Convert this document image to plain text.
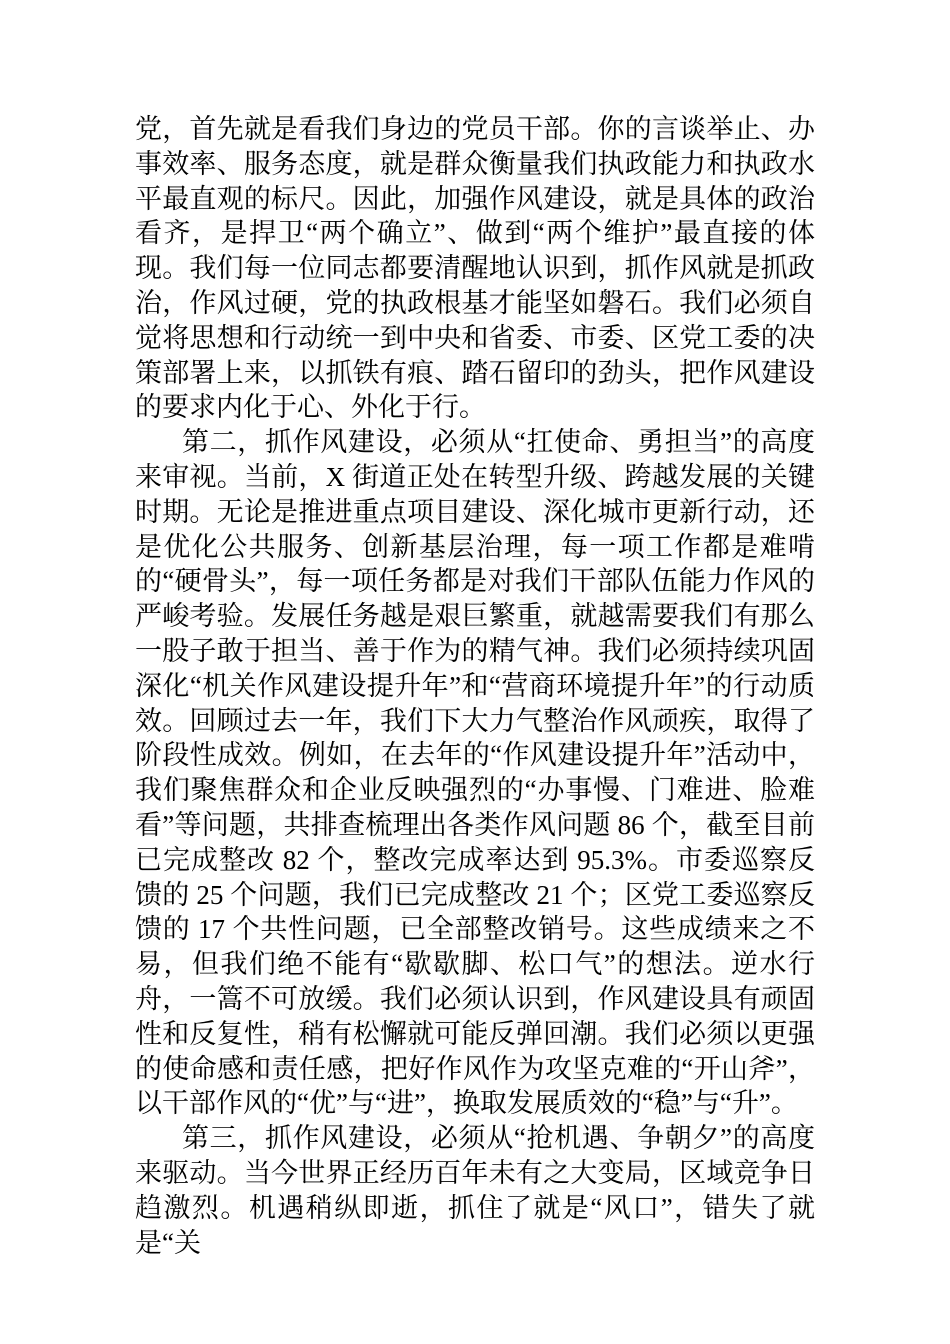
党，首先就是看我们身边的党员干部。你的言谈举止、办事效率、服务态度，就是群众衡量我们执政能力和执政水平最直观的标尺。因此，加强作风建设，就是具体的政治看齐，是捍卫“两个确立”、做到“两个维护”最直接的体现。我们每一位同志都要清醒地认识到，抓作风就是抓政治，作风过硬，党的执政根基才能坚如磐石。我们必须自觉将思想和行动统一到中央和省委、市委、区党工委的决策部署上来，以抓铁有痕、踏石留印的劲头，把作风建设的要求内化于心、外化于行。

第二，抓作风建设，必须从“扛使命、勇担当”的高度来审视。当前，X 街道正处在转型升级、跨越发展的关键时期。无论是推进重点项目建设、深化城市更新行动，还是优化公共服务、创新基层治理，每一项工作都是难啃的“硬骨头”，每一项任务都是对我们干部队伍能力作风的严峻考验。发展任务越是艰巨繁重，就越需要我们有那么一股子敢于担当、善于作为的精气神。我们必须持续巩固深化“机关作风建设提升年”和“营商环境提升年”的行动质效。回顾过去一年，我们下大力气整治作风顽疾，取得了阶段性成效。例如，在去年的“作风建设提升年”活动中，我们聚焦群众和企业反映强烈的“办事慢、门难进、脸难看”等问题，共排查梳理出各类作风问题 86 个，截至目前已完成整改 82 个，整改完成率达到 95.3%。市委巡察反馈的 25 个问题，我们已完成整改 21 个；区党工委巡察反馈的 17 个共性问题，已全部整改销号。这些成绩来之不易，但我们绝不能有“歇歇脚、松口气”的想法。逆水行舟，一篙不可放缓。我们必须认识到，作风建设具有顽固性和反复性，稍有松懈就可能反弹回潮。我们必须以更强的使命感和责任感，把好作风作为攻坚克难的“开山斧”，以干部作风的“优”与“进”，换取发展质效的“稳”与“升”。

第三，抓作风建设，必须从“抢机遇、争朝夕”的高度来驱动。当今世界正经历百年未有之大变局，区域竞争日趋激烈。机遇稍纵即逝，抓住了就是“风口”，错失了就是“关
